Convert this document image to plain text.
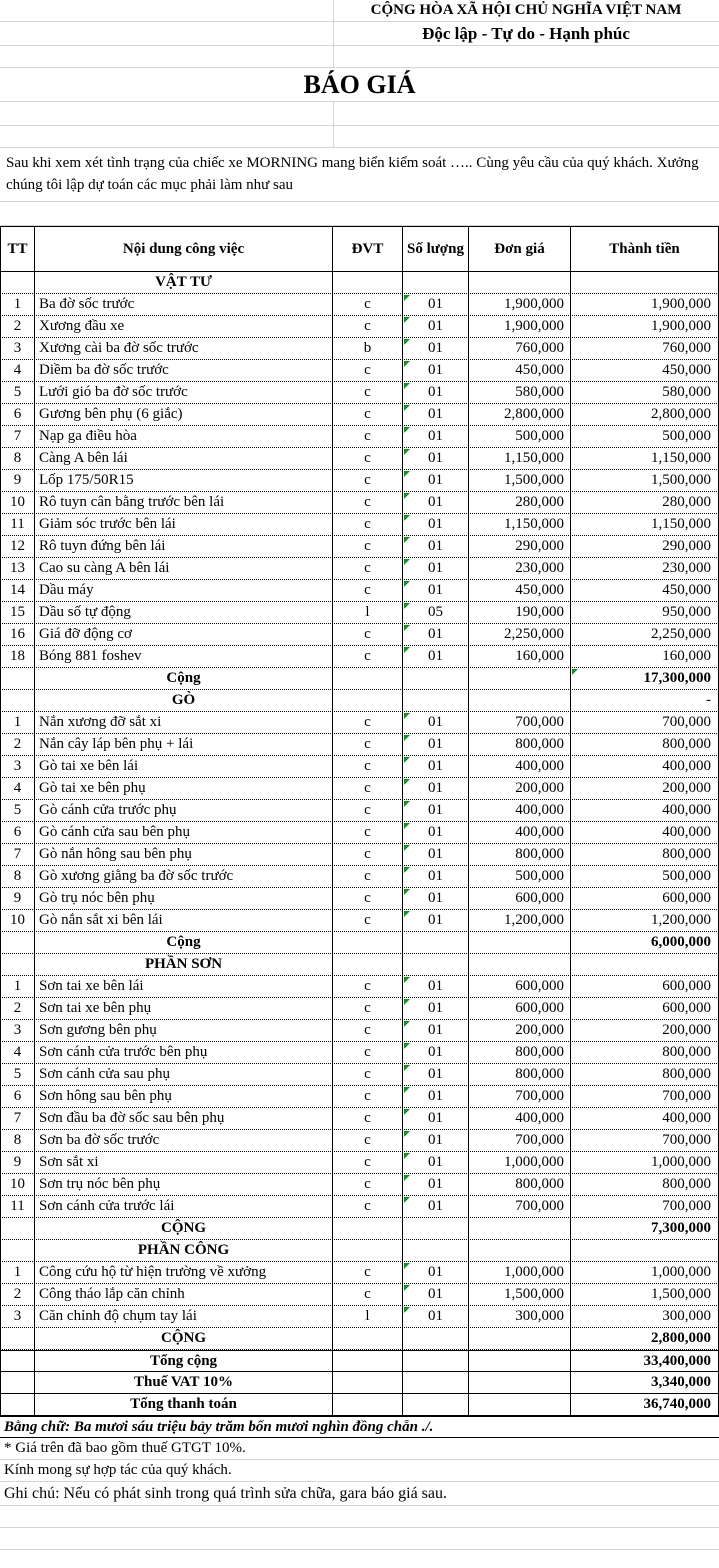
CỘNG HÒA XÃ HỘI CHỦ NGHĨA VIỆT NAM
Độc lập - Tự do - Hạnh phúc
BÁO GIÁ
Sau khi xem xét tình trạng của chiếc xe MORNING mang biển kiểm soát ….. Cùng yêu cầu của quý khách. Xưởng chúng tôi lập dự toán các mục phải làm như sau
TT	Nội dung công việc	ĐVT	Số lượng	Đơn giá	Thành tiền
VẬT TƯ
1	Ba đờ sốc trước	c	01	1,900,000	1,900,000
2	Xương đầu xe	c	01	1,900,000	1,900,000
3	Xương cài ba đờ sốc trước	b	01	760,000	760,000
4	Diềm ba đờ sốc trước	c	01	450,000	450,000
5	Lưới gió ba đờ sốc trước	c	01	580,000	580,000
6	Gương bên phụ (6 giắc)	c	01	2,800,000	2,800,000
7	Nạp ga điều hòa	c	01	500,000	500,000
8	Càng A bên lái	c	01	1,150,000	1,150,000
9	Lốp 175/50R15	c	01	1,500,000	1,500,000
10 Rô tuyn cân bằng trước bên lái	c	01	280,000	280,000
11 Giảm sóc trước bên lái	c	01	1,150,000	1,150,000
12 Rô tuyn đứng bên lái	c	01	290,000	290,000
13 Cao su càng A bên lái	c	01	230,000	230,000
14 Dầu máy	c	01	450,000	450,000
15 Dầu số tự động	l	05	190,000	950,000
16 Giá đỡ động cơ	c	01	2,250,000	2,250,000
18 Bóng 881 foshev	c	01	160,000	160,000
Cộng	17,300,000
GÒ	-
1	Nắn xương đỡ sắt xi	c	01	700,000	700,000
2	Nắn cây láp bên phụ + lái	c	01	800,000	800,000
3	Gò tai xe bên lái	c	01	400,000	400,000
4	Gò tai xe bên phụ	c	01	200,000	200,000
5	Gò cánh cửa trước phụ	c	01	400,000	400,000
6	Gò cánh cửa sau bên phụ	c	01	400,000	400,000
7	Gò nắn hông sau bên phụ	c	01	800,000	800,000
8	Gò xương giằng ba đờ sốc trước	c	01	500,000	500,000
9	Gò trụ nóc bên phụ	c	01	600,000	600,000
10 Gò nắn sắt xi bên lái	c	01	1,200,000	1,200,000
Cộng	6,000,000
PHẦN SƠN
1	Sơn tai xe bên lái	c	01	600,000	600,000
2	Sơn tai xe bên phụ	c	01	600,000	600,000
3	Sơn gương bên phụ	c	01	200,000	200,000
4	Sơn cánh cửa trước bên phụ	c	01	800,000	800,000
5	Sơn cánh cửa sau phụ	c	01	800,000	800,000
6	Sơn hông sau bên phụ	c	01	700,000	700,000
7	Sơn đầu ba đờ sốc sau bên phụ	c	01	400,000	400,000
8	Sơn ba đờ sốc trước	c	01	700,000	700,000
9	Sơn sắt xi	c	01	1,000,000	1,000,000
10 Sơn trụ nóc bên phụ	c	01	800,000	800,000
11 Sơn cánh cửa trước lái	c	01	700,000	700,000
CỘNG	7,300,000
PHẦN CÔNG
1	Công cứu hộ từ hiện trường về xưởng	c	01	1,000,000	1,000,000
2	Công tháo lắp căn chỉnh	c	01	1,500,000	1,500,000
3	Căn chỉnh độ chụm tay lái	l	01	300,000	300,000
CỘNG	2,800,000
Tổng cộng	33,400,000
Thuế VAT 10%	3,340,000
Tổng thanh toán	36,740,000
Bằng chữ: Ba mươi sáu triệu bảy trăm bốn mươi nghìn đồng chẵn ./.
* Giá trên đã bao gồm thuế GTGT 10%.
Kính mong sự hợp tác của quý khách.
Ghi chú: Nếu có phát sinh trong quá trình sửa chữa, gara báo giá sau.
